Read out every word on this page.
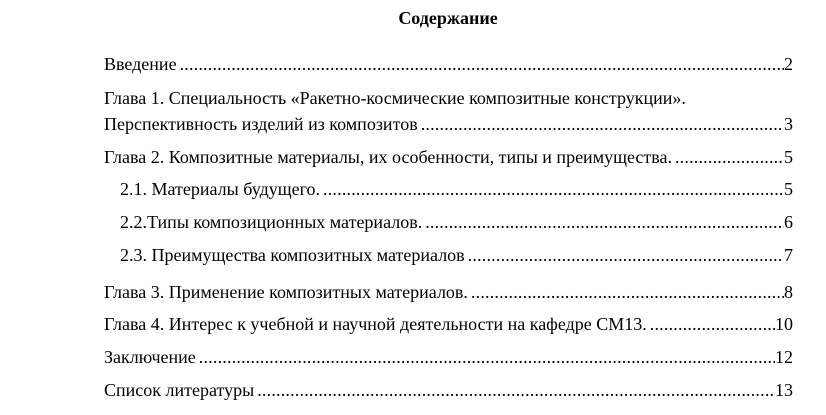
Содержание
Введение .....	2
Глава 1. Специальность «Ракетно-космические композитные конструкции».
Перспективность изделий из композитов .....	3
Глава 2. Композитные материалы, их особенности, типы и преимущества. .....	5
2.1. Материалы будущего. .....	5
2.2.Типы композиционных материалов. .....	6
2.3. Преимущества композитных материалов .....	7
Глава 3. Применение композитных материалов. .....	8
Глава 4. Интерес к учебной и научной деятельности на кафедре СМ13. .....	10
Заключение .....	12
Список литературы .....	13
